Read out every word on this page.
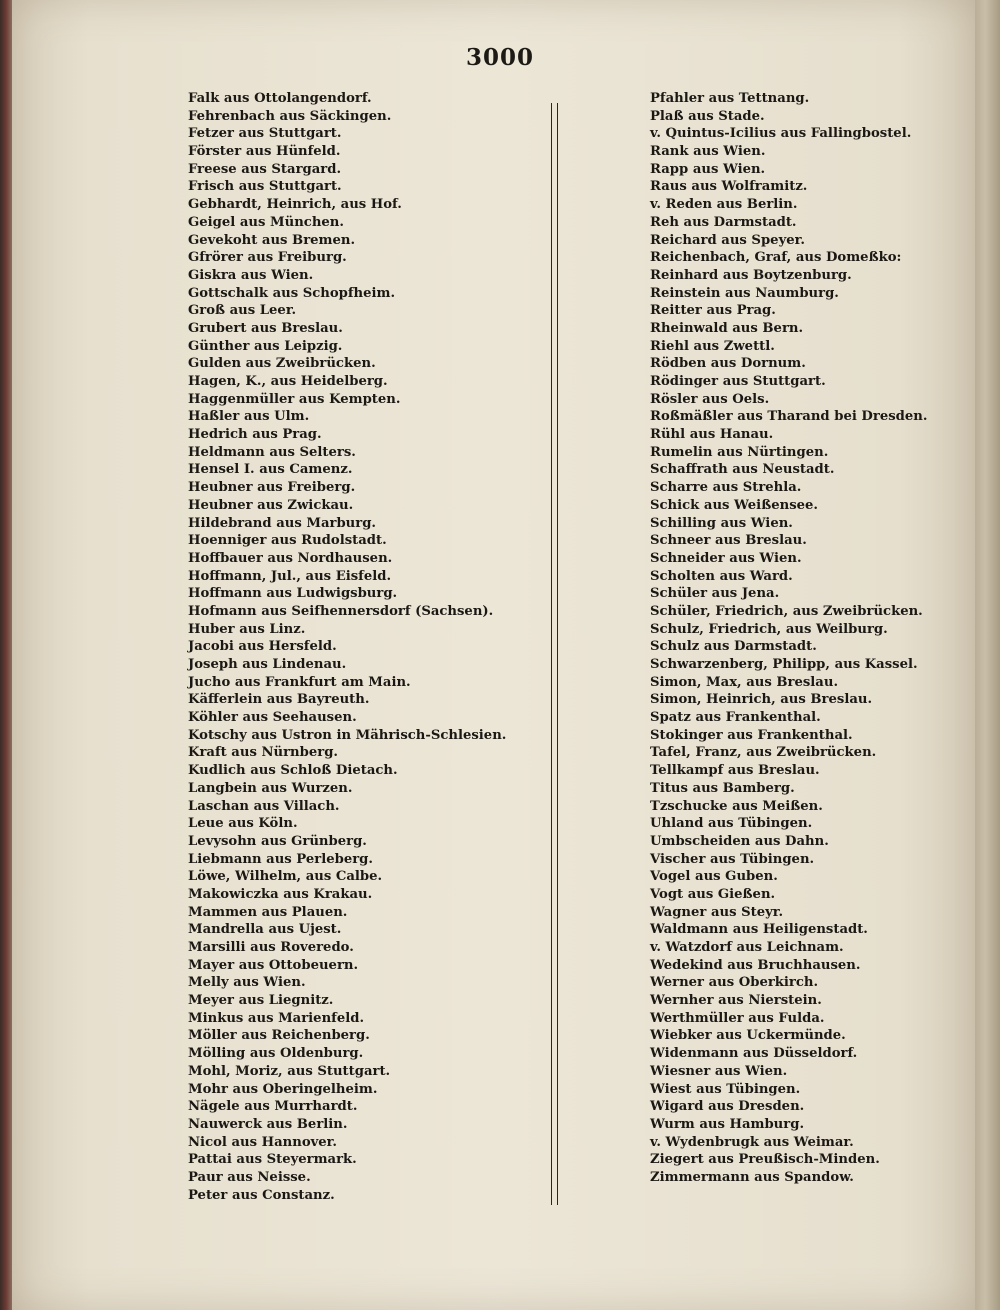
3000
Falk aus Ottolangendorf.
Fehrenbach aus Säckingen.
Fetzer aus Stuttgart.
Förster aus Hünfeld.
Freese aus Stargard.
Frisch aus Stuttgart.
Gebhardt, Heinrich, aus Hof.
Geigel aus München.
Gevekoht aus Bremen.
Gfrörer aus Freiburg.
Giskra aus Wien.
Gottschalk aus Schopfheim.
Groß aus Leer.
Grubert aus Breslau.
Günther aus Leipzig.
Gulden aus Zweibrücken.
Hagen, K., aus Heidelberg.
Haggenmüller aus Kempten.
Haßler aus Ulm.
Hedrich aus Prag.
Heldmann aus Selters.
Hensel I. aus Camenz.
Heubner aus Freiberg.
Heubner aus Zwickau.
Hildebrand aus Marburg.
Hoenniger aus Rudolstadt.
Hoffbauer aus Nordhausen.
Hoffmann, Jul., aus Eisfeld.
Hoffmann aus Ludwigsburg.
Hofmann aus Seifhennersdorf (Sachsen).
Huber aus Linz.
Jacobi aus Hersfeld.
Joseph aus Lindenau.
Jucho aus Frankfurt am Main.
Käfferlein aus Bayreuth.
Köhler aus Seehausen.
Kotschy aus Ustron in Mährisch-Schlesien.
Kraft aus Nürnberg.
Kudlich aus Schloß Dietach.
Langbein aus Wurzen.
Laschan aus Villach.
Leue aus Köln.
Levysohn aus Grünberg.
Liebmann aus Perleberg.
Löwe, Wilhelm, aus Calbe.
Makowiczka aus Krakau.
Mammen aus Plauen.
Mandrella aus Ujest.
Marsilli aus Roveredo.
Mayer aus Ottobeuern.
Melly aus Wien.
Meyer aus Liegnitz.
Minkus aus Marienfeld.
Möller aus Reichenberg.
Mölling aus Oldenburg.
Mohl, Moriz, aus Stuttgart.
Mohr aus Oberingelheim.
Nägele aus Murrhardt.
Nauwerck aus Berlin.
Nicol aus Hannover.
Pattai aus Steyermark.
Paur aus Neisse.
Peter aus Constanz.
Pfahler aus Tettnang.
Plaß aus Stade.
v. Quintus-Icilius aus Fallingbostel.
Rank aus Wien.
Rapp aus Wien.
Raus aus Wolframitz.
v. Reden aus Berlin.
Reh aus Darmstadt.
Reichard aus Speyer.
Reichenbach, Graf, aus Domeßko:
Reinhard aus Boytzenburg.
Reinstein aus Naumburg.
Reitter aus Prag.
Rheinwald aus Bern.
Riehl aus Zwettl.
Rödben aus Dornum.
Rödinger aus Stuttgart.
Rösler aus Oels.
Roßmäßler aus Tharand bei Dresden.
Rühl aus Hanau.
Rumelin aus Nürtingen.
Schaffrath aus Neustadt.
Scharre aus Strehla.
Schick aus Weißensee.
Schilling aus Wien.
Schneer aus Breslau.
Schneider aus Wien.
Scholten aus Ward.
Schüler aus Jena.
Schüler, Friedrich, aus Zweibrücken.
Schulz, Friedrich, aus Weilburg.
Schulz aus Darmstadt.
Schwarzenberg, Philipp, aus Kassel.
Simon, Max, aus Breslau.
Simon, Heinrich, aus Breslau.
Spatz aus Frankenthal.
Stokinger aus Frankenthal.
Tafel, Franz, aus Zweibrücken.
Tellkampf aus Breslau.
Titus aus Bamberg.
Tzschucke aus Meißen.
Uhland aus Tübingen.
Umbscheiden aus Dahn.
Vischer aus Tübingen.
Vogel aus Guben.
Vogt aus Gießen.
Wagner aus Steyr.
Waldmann aus Heiligenstadt.
v. Watzdorf aus Leichnam.
Wedekind aus Bruchhausen.
Werner aus Oberkirch.
Wernher aus Nierstein.
Werthmüller aus Fulda.
Wiebker aus Uckermünde.
Widenmann aus Düsseldorf.
Wiesner aus Wien.
Wiest aus Tübingen.
Wigard aus Dresden.
Wurm aus Hamburg.
v. Wydenbrugk aus Weimar.
Ziegert aus Preußisch-Minden.
Zimmermann aus Spandow.
